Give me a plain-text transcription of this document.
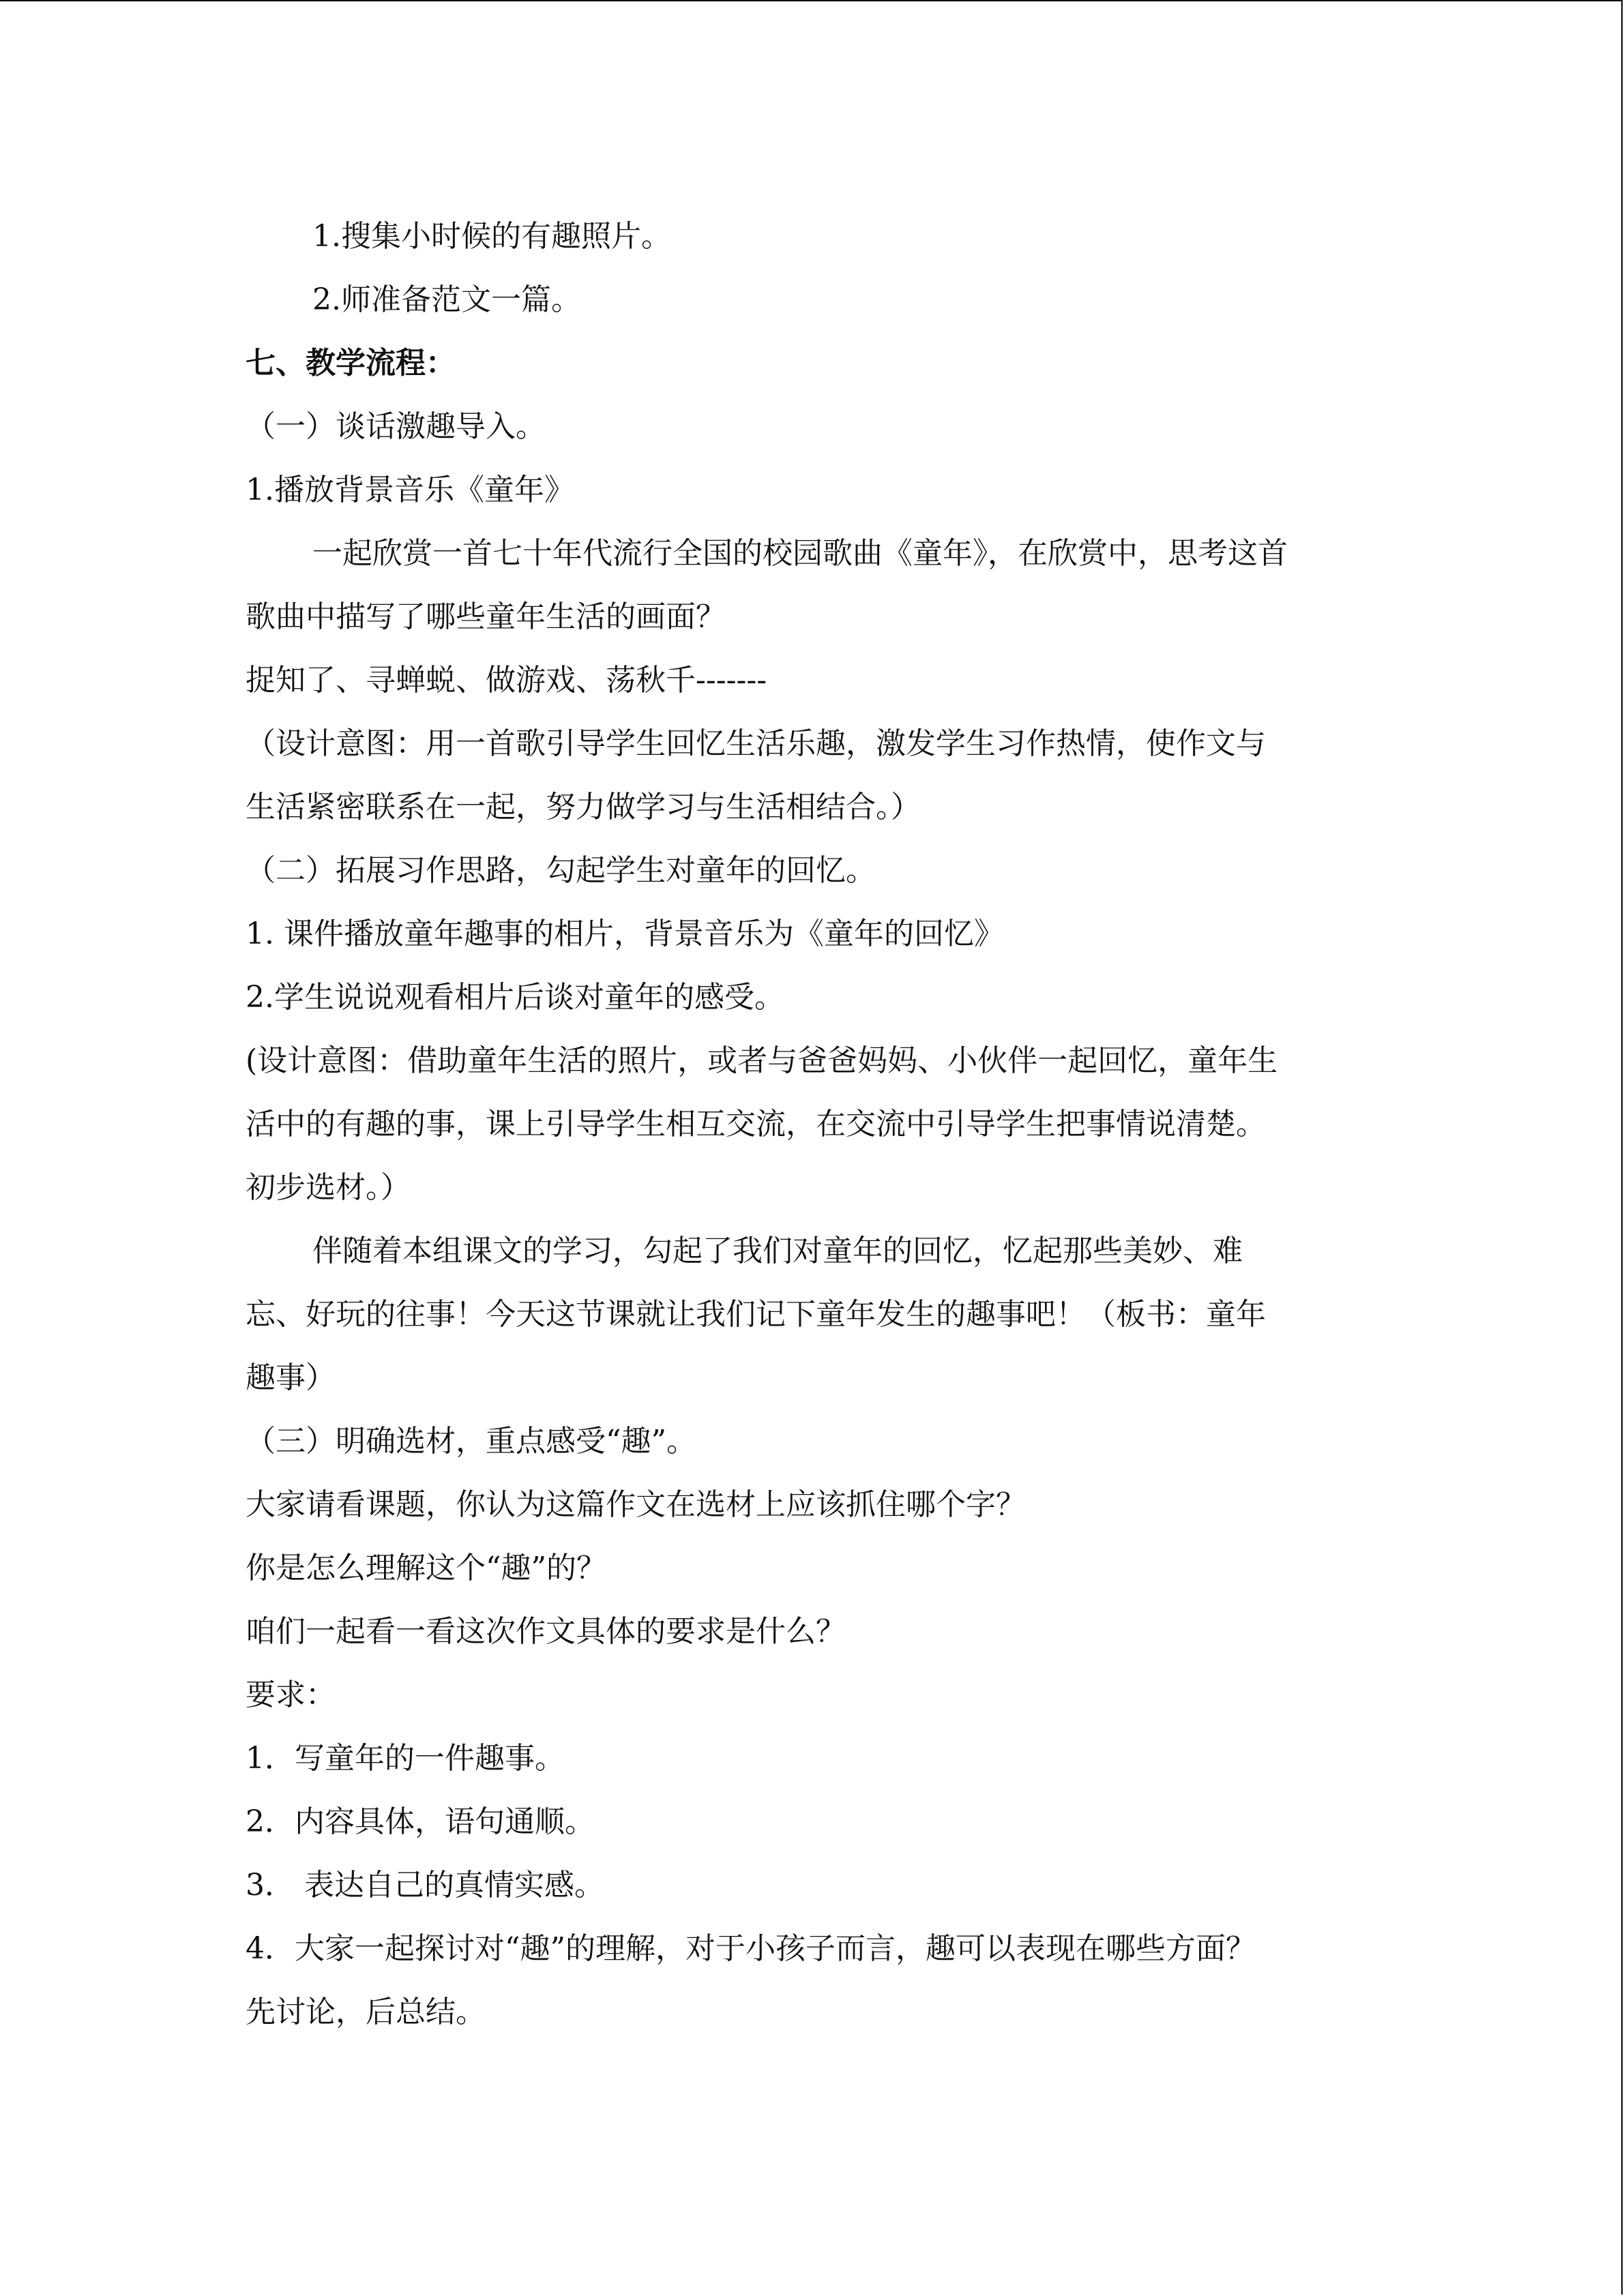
1.搜集小时候的有趣照片。

2.师准备范文一篇。

七、教学流程：

（一）谈话激趣导入。

1.播放背景音乐《童年》

一起欣赏一首七十年代流行全国的校园歌曲《童年》，在欣赏中，思考这首

歌曲中描写了哪些童年生活的画面？

捉知了、寻蝉蜕、做游戏、荡秋千-------

（设计意图：用一首歌引导学生回忆生活乐趣，激发学生习作热情，使作文与

生活紧密联系在一起，努力做学习与生活相结合。）

（二）拓展习作思路，勾起学生对童年的回忆。

1. 课件播放童年趣事的相片，背景音乐为《童年的回忆》

2.学生说说观看相片后谈对童年的感受。

(设计意图：借助童年生活的照片，或者与爸爸妈妈、小伙伴一起回忆，童年生

活中的有趣的事，课上引导学生相互交流，在交流中引导学生把事情说清楚。

初步选材。）

伴随着本组课文的学习，勾起了我们对童年的回忆，忆起那些美妙、难

忘、好玩的往事！今天这节课就让我们记下童年发生的趣事吧！（板书：童年

趣事）

（三）明确选材，重点感受“趣”。

大家请看课题，你认为这篇作文在选材上应该抓住哪个字？

你是怎么理解这个“趣”的？

咱们一起看一看这次作文具体的要求是什么？

要求：

1．写童年的一件趣事。

2．内容具体，语句通顺。

3． 表达自己的真情实感。

4．大家一起探讨对“趣”的理解，对于小孩子而言，趣可以表现在哪些方面？

先讨论，后总结。
